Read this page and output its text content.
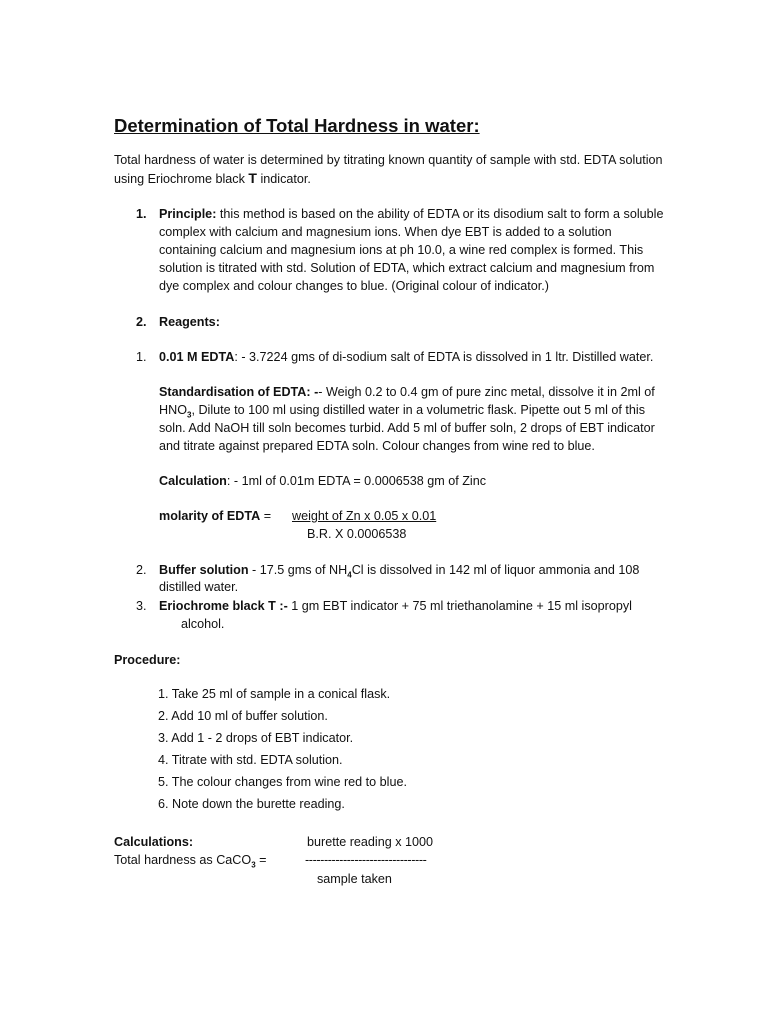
Determination of Total Hardness in water:
Total hardness of water is determined by titrating known quantity of sample with std. EDTA solution
using Eriochrome black T indicator.
1. Principle: this method is based on the ability of EDTA or its disodium salt to form a soluble
complex with calcium and magnesium ions. When dye EBT is added to a solution
containing calcium and magnesium ions at ph 10.0, a wine red complex is formed. This
solution is titrated with std. Solution of EDTA, which extract calcium and magnesium from
dye complex and colour changes to blue. (Original colour of indicator.)
2. Reagents:
1. 0.01 M EDTA: - 3.7224 gms of di-sodium salt of EDTA is dissolved in 1 ltr. Distilled water.
Standardisation of EDTA: -- Weigh 0.2 to 0.4 gm of pure zinc metal, dissolve it in 2ml of
$HNO_3$, Dilute to 100 ml using distilled water in a volumetric flask. Pipette out 5 ml of this
soln. Add NaOH till soln becomes turbid. Add 5 ml of buffer soln, 2 drops of EBT indicator
and titrate against prepared EDTA soln. Colour changes from wine red to blue.
Calculation: - 1ml of 0.01m EDTA = 0.0006538 gm of Zinc
molarity of EDTA = weight of Zn x 0.05 x 0.01
B.R. X 0.0006538
2. Buffer solution - 17.5 gms of $NH_4Cl$ is dissolved in 142 ml of liquor ammonia and 108
distilled water.
3. Eriochrome black T :- 1 gm EBT indicator + 75 ml triethanolamine + 15 ml isopropyl
alcohol.
Procedure:
1. Take 25 ml of sample in a conical flask.
2. Add 10 ml of buffer solution.
3. Add 1 - 2 drops of EBT indicator.
4. Titrate with std. EDTA solution.
5. The colour changes from wine red to blue.
6. Note down the burette reading.
Calculations:	burette reading x 1000
Total hardness as CaCO$_3$ =	--------------------------------
sample taken
